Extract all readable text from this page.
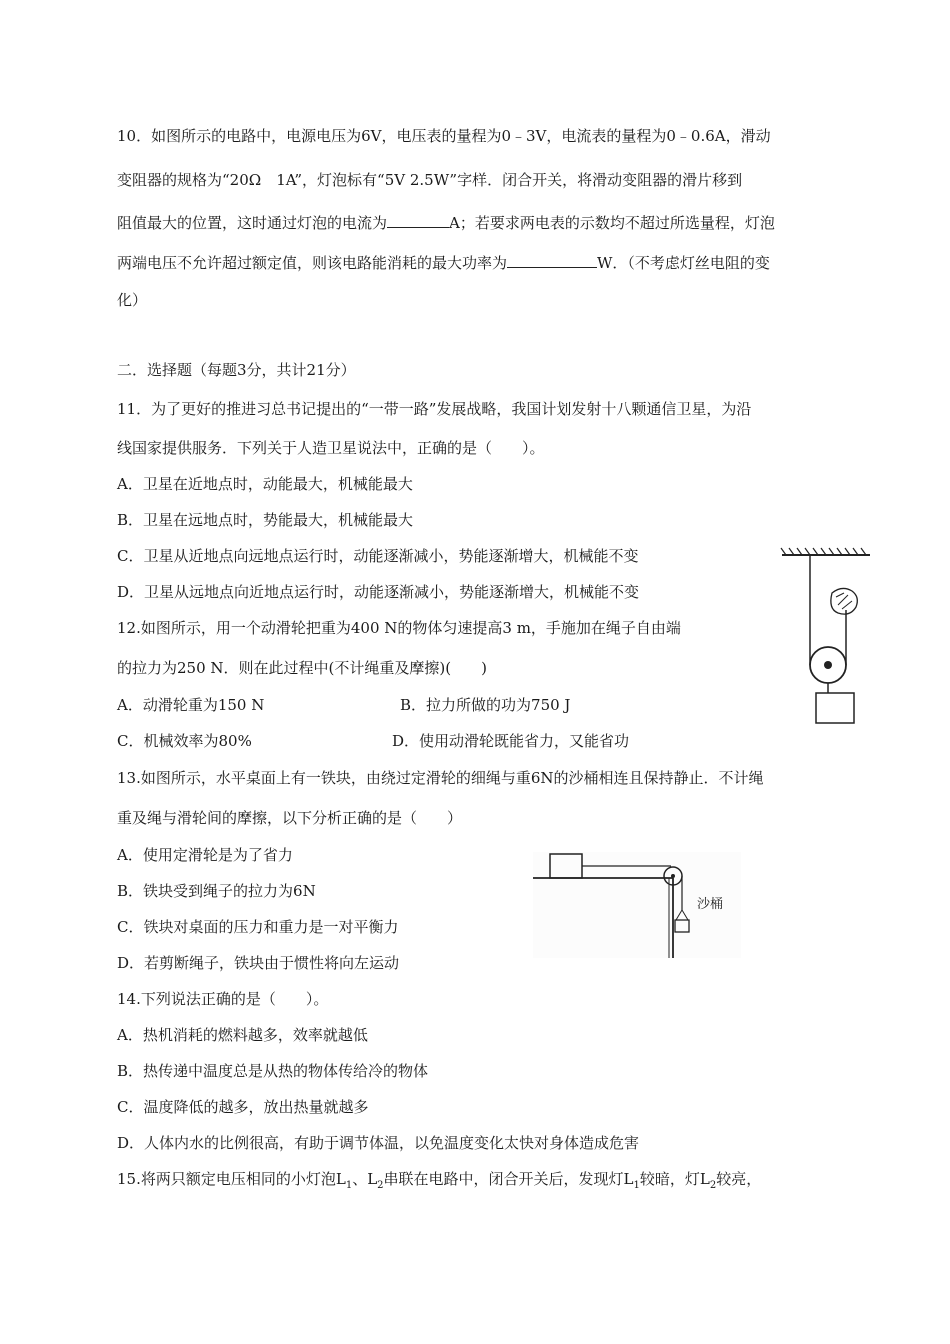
10．如图所示的电路中，电源电压为6V，电压表的量程为0﹣3V，电流表的量程为0﹣0.6A，滑动
变阻器的规格为“20Ω　1A”，灯泡标有“5V 2.5W”字样．闭合开关，将滑动变阻器的滑片移到
阻值最大的位置，这时通过灯泡的电流为	A；若要求两电表的示数均不超过所选量程，灯泡
两端电压不允许超过额定值，则该电路能消耗的最大功率为	W．（不考虑灯丝电阻的变
化）
二．选择题（每题3分，共计21分）
11．为了更好的推进习总书记提出的“一带一路”发展战略，我国计划发射十八颗通信卫星，为沿
线国家提供服务．下列关于人造卫星说法中，正确的是（　　）。
A．卫星在近地点时，动能最大，机械能最大
B．卫星在远地点时，势能最大，机械能最大
C．卫星从近地点向远地点运行时，动能逐渐减小，势能逐渐增大，机械能不变
D．卫星从远地点向近地点运行时，动能逐渐减小，势能逐渐增大，机械能不变
12.如图所示，用一个动滑轮把重为400 N的物体匀速提高3 m，手施加在绳子自由端
的拉力为250 N．则在此过程中(不计绳重及摩擦)(　　)
A．动滑轮重为150 N	B．拉力所做的功为750 J
C．机械效率为80%	D．使用动滑轮既能省力，又能省功
13.如图所示，水平桌面上有一铁块，由绕过定滑轮的细绳与重6N的沙桶相连且保持静止．不计绳
重及绳与滑轮间的摩擦，以下分析正确的是（　　）
A．使用定滑轮是为了省力
B．铁块受到绳子的拉力为6N
C．铁块对桌面的压力和重力是一对平衡力
D．若剪断绳子，铁块由于惯性将向左运动
沙桶
14.下列说法正确的是（　　）。
A．热机消耗的燃料越多，效率就越低
B．热传递中温度总是从热的物体传给冷的物体
C．温度降低的越多，放出热量就越多
D．人体内水的比例很高，有助于调节体温，以免温度变化太快对身体造成危害
15.将两只额定电压相同的小灯泡$L_1$、$L_2$串联在电路中，闭合开关后，发现灯$L_1$较暗，灯$L_2$较亮，
